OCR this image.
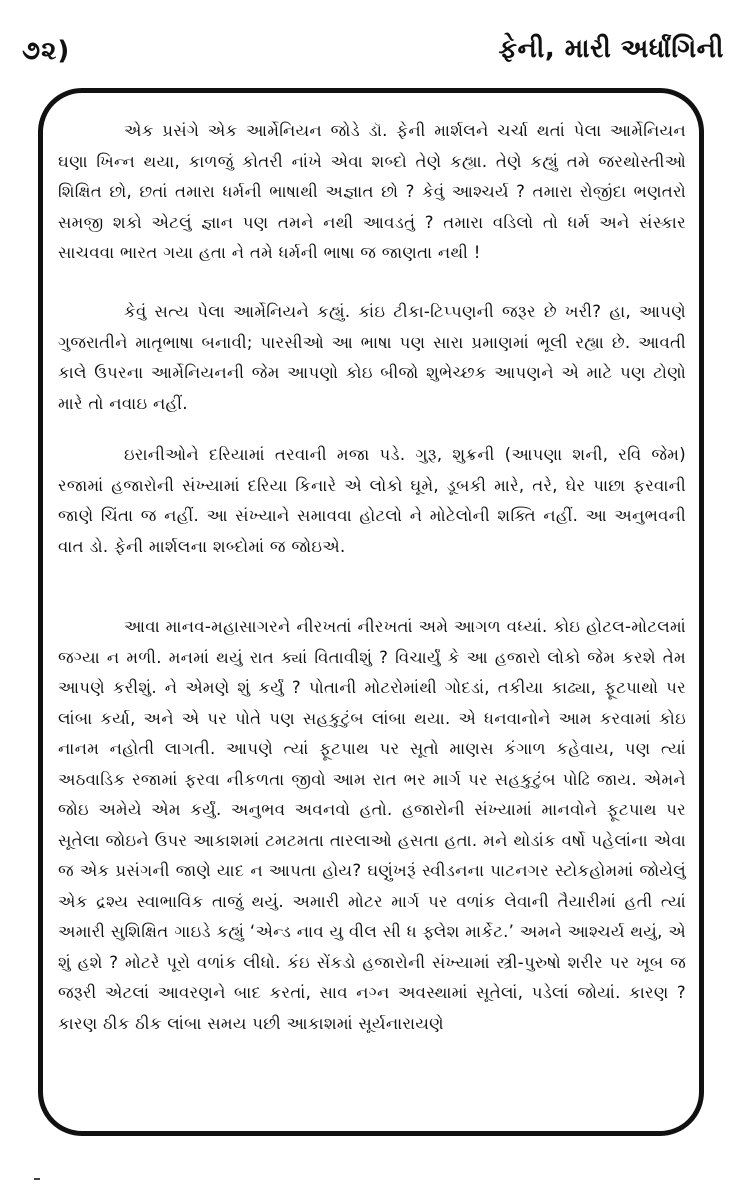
૭૨)	ફેની, મારી અર્ધાંગિની

એક પ્રસંગે એક આર્મેનિયન જોડે ડૉ. ફેની માર્શલને ચર્ચા થતાં પેલા આર્મેનિયન ઘણા ખિન્ન થયા, કાળજું કોતરી નાંખે એવા શબ્દો તેણે કહ્યા. તેણે કહ્યું તમે જરથોસ્તીઓ શિક્ષિત છો, છતાં તમારા ધર્મની ભાષાથી અજ્ઞાત છો ? કેવું આશ્ચર્ય ? તમારા રોજીંદા ભણતરો સમજી શકો એટલું જ્ઞાન પણ તમને નથી આવડતું ? તમારા વડિલો તો ધર્મ અને સંસ્કાર સાચવવા ભારત ગયા હતા ને તમે ધર્મની ભાષા જ જાણતા નથી !

કેવું સત્ય પેલા આર્મેનિયને કહ્યું. કાંઇ ટીકા-ટિપ્પણની જરૂર છે ખરી? હા, આપણે ગુજરાતીને માતૃભાષા બનાવી; પારસીઓ આ ભાષા પણ સારા પ્રમાણમાં ભૂલી રહ્યા છે. આવતી કાલે ઉપરના આર્મેનિયનની જેમ આપણો કોઇ બીજો શુભેચ્છક આપણને એ માટે પણ ટોણો મારે તો નવાઇ નહીં.

ઇરાનીઓને દરિયામાં તરવાની મજા પડે. ગુરૂ, શુક્રની (આપણા શની, રવિ જેમ) રજામાં હજારોની સંખ્યામાં દરિયા કિનારે એ લોકો ઘૂમે, ડૂબકી મારે, તરે, ઘેર પાછા ફરવાની જાણે ચિંતા જ નહીં. આ સંખ્યાને સમાવવા હોટલો ને મોટેલોની શક્તિ નહીં. આ અનુભવની વાત ડો. ફેની માર્શલના શબ્દોમાં જ જોઇએ.

આવા માનવ-મહાસાગરને નીરખતાં નીરખતાં અમે આગળ વધ્યાં. કોઇ હોટલ-મોટલમાં જગ્યા ન મળી. મનમાં થયું રાત ક્યાં વિતાવીશું ? વિચાર્યું કે આ હજારો લોકો જેમ કરશે તેમ આપણે કરીશું. ને એમણે શું કર્યું ? પોતાની મોટરોમાંથી ગોદડાં, તકીયા કાઢ્યા, ફૂટપાથો પર લાંબા કર્યા, અને એ પર પોતે પણ સહકુટુંબ લાંબા થયા. એ ધનવાનોને આમ કરવામાં કોઇ નાનમ નહોતી લાગતી. આપણે ત્યાં ફૂટપાથ પર સૂતો માણસ કંગાળ કહેવાય, પણ ત્યાં અઠવાડિક રજામાં ફરવા નીકળતા જીવો આમ રાત ભર માર્ગ પર સહકુટુંબ પોઢિ જાય. એમને જોઇ અમેયે એમ કર્યું. અનુભવ અવનવો હતો. હજારોની સંખ્યામાં માનવોને ફૂટપાથ પર સૂતેલા જોઇને ઉપર આકાશમાં ટમટમતા તારલાઓ હસતા હતા. મને થોડાંક વર્ષો પહેલાંના એવા જ એક પ્રસંગની જાણે યાદ ન આપતા હોય? ઘણુંખરૂં સ્વીડનના પાટનગર સ્ટોકહોમમાં જોયેલું એક દ્રશ્ય સ્વાભાવિક તાજું થયું. અમારી મોટર માર્ગ પર વળાંક લેવાની તૈયારીમાં હતી ત્યાં અમારી સુશિક્ષિત ગાઇડે કહ્યું ‘એન્ડ નાવ યુ વીલ સી ધ ફ્લેશ માર્કેટ.’ અમને આશ્ચર્ય થયું, એ શું હશે ? મોટરે પૂરો વળાંક લીધો. કંઇ સેંકડો હજારોની સંખ્યામાં સ્ત્રી-પુરુષો શરીર પર ખૂબ જ જરૂરી એટલાં આવરણને બાદ કરતાં, સાવ નગ્ન અવસ્થામાં સૂતેલાં, પડેલાં જોયાં. કારણ ? કારણ ઠીક ઠીક લાંબા સમય પછી આકાશમાં સૂર્યનારાયણે
